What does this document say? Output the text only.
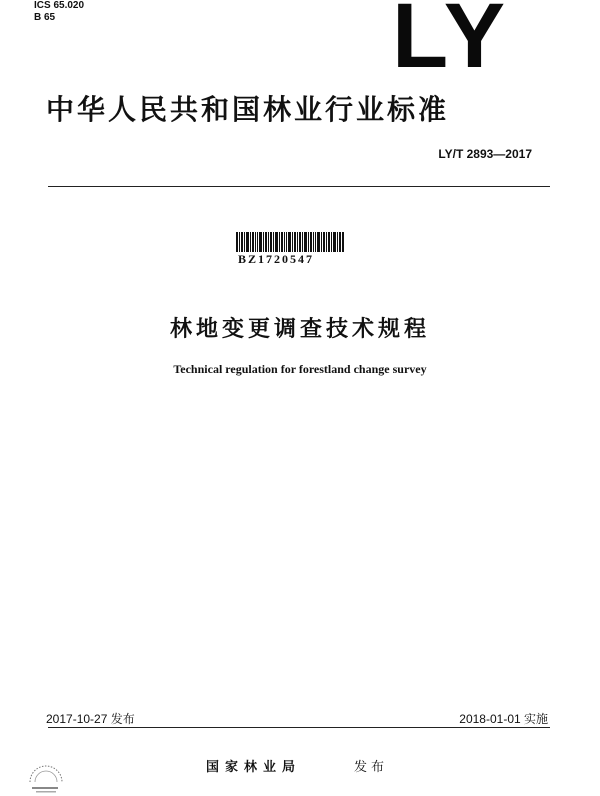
ICS 65.020
B 65	LY
中华人民共和国林业行业标准
LY/T 2893—2017
BZ1720547
林地变更调查技术规程
Technical regulation for forestland change survey
2017-10-27 发布	2018-01-01 实施
国家林业局	发布
